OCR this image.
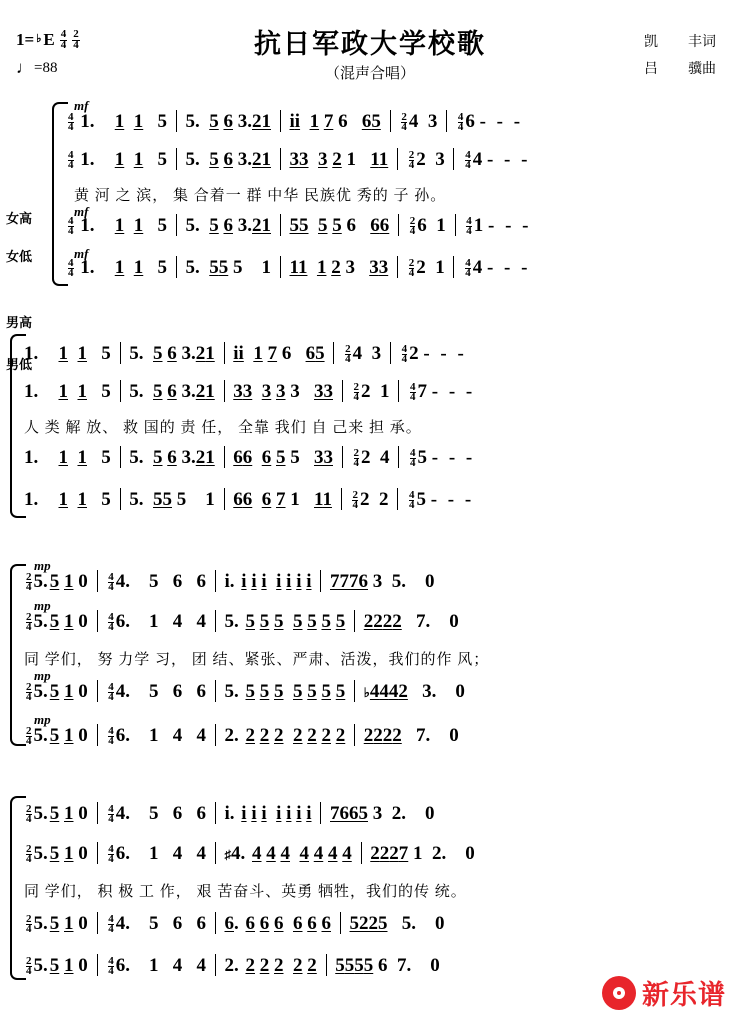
1= ♭ E 4
4
2
4
♩ =88
抗日军政大学校歌
（混声合唱）
凯 丰词
吕 骥曲
女高
女低
男高
男低
mf
$\frac{4}{4} 1$. 1 1   5  5.  5 6 3.21 ii 1 7 6   $65 \frac{2}{4} 4$  $3 \frac{4}{4} 6$ - - -
$\frac{4}{4} 1$. 1 1   5  5.  5 6 3.21 33 3 2 1   $11 \frac{2}{4} 2$  $3 \frac{4}{4} 4$ - - -
黄 河 之 滨， 集 合着一 群 中华 民族优 秀的 子 孙。
mf
$\frac{4}{4} 1$. 1 1   5  5.  5 6 3.21 55 5 5 6   $66 \frac{2}{4} 6$  $1 \frac{4}{4} 1$ - - -
mf
$\frac{4}{4} 1$. 1 1   5  5.  55 5    1  11 1 2 3   $33 \frac{2}{4} 2$  $1 \frac{4}{4} 4$ - - -
1. 1 1   5  5.  5 6 3.21 ii 1 7 6   $65 \frac{2}{4} 4$  $3 \frac{4}{4} 2$ - - -
1. 1 1   5  5.  5 6 3.21 33 3 3 3   $33 \frac{2}{4} 2$  $1 \frac{4}{4} 7$ - - -
人 类 解 放、 救 国的 责 任， 全靠 我们 自 己来 担 承。
1. 1 1   5  5.  5 6 3.21 66 6 5 5   $33 \frac{2}{4} 2$  $4 \frac{4}{4} 5$ - - -
1. 1 1   5  5.  55 5    1  66 6 7 1   $11 \frac{2}{4} 2$  $2 \frac{4}{4} 5$ - - -
mp
$\frac{2}{4} 5.5$ 1 $0 \frac{4}{4} 4$.    5   6   6  i. i i i i i i i 7776 3  5.    0
mp
$\frac{2}{4} 5.5$ 1 $0 \frac{4}{4} 6$.    1   4   4  5. 5 5 5 5 5 5 5 2222   7.    0
同 学们， 努 力学 习， 团 结、紧张、严肃、活泼，我们的作 风；
mp
$\frac{2}{4} 5.5$ 1 $0 \frac{4}{4} 4$.    5   6   6  5. 5 5 5 5 5 5 5 ♭4442   3.    0
mp
$\frac{2}{4} 5.5$ 1 $0 \frac{4}{4} 6$.    1   4   4  2. 2 2 2 2 2 2 2 2222   7.    0
$\frac{2}{4} 5.5$ 1 $0 \frac{4}{4} 4$.    5   6   6  i. i i i i i i i 7665 3  2.    0
$\frac{2}{4} 5.5$ 1 $0 \frac{4}{4} 6$.    1   4   4  ♯4. 4 4 4 4 4 4 4 2227 1  2.    0
同 学们， 积 极 工 作， 艰 苦奋斗、英勇 牺牲，我们的传 统。
$\frac{2}{4} 5.5$ 1 $0 \frac{4}{4} 4$.    5   6   6  6. 6 6 6 6 6 6 5225   5.    0
$\frac{2}{4} 5.5$ 1 $0 \frac{4}{4} 6$.    1   4   4  2. 2 2 2 2 2 5555 6  7.    0
新乐谱
